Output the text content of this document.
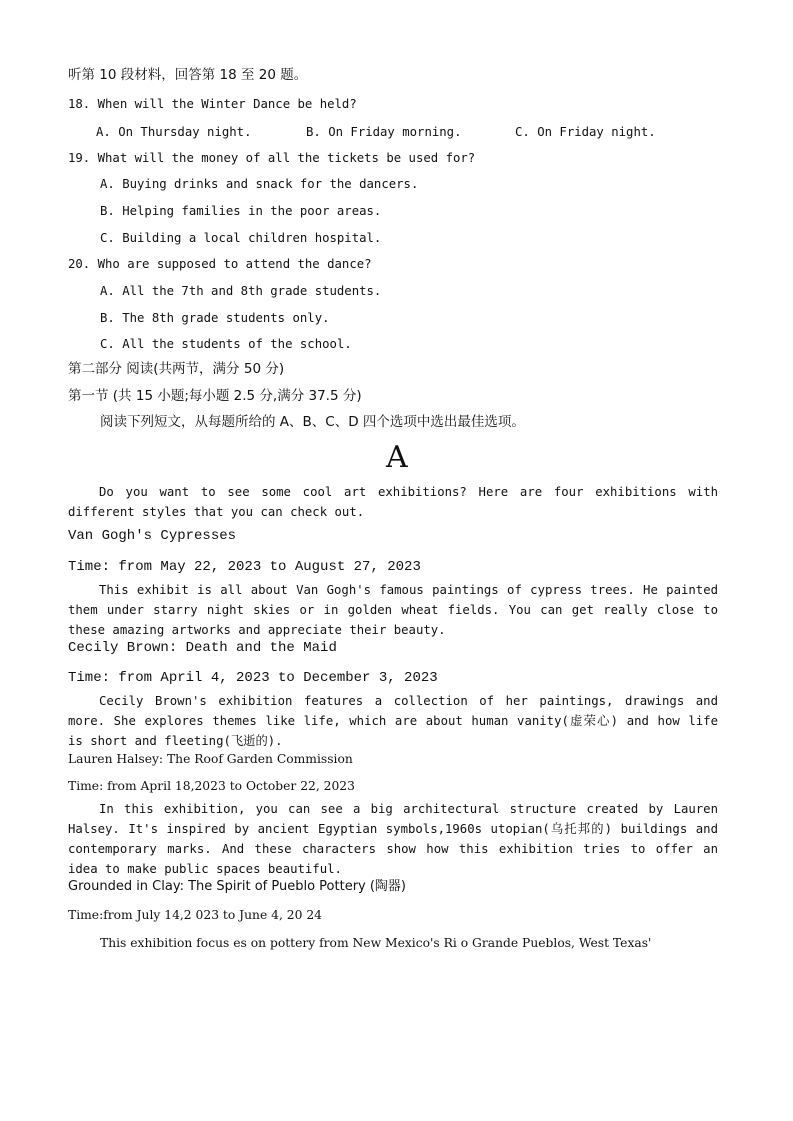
听第 10 段材料，回答第 18 至 20 题。
18. When will the Winter Dance be held?
A. On Thursday night.	B. On Friday morning.	C. On Friday night.
19. What will the money of all the tickets be used for?
A. Buying drinks and snack for the dancers.
B. Helping families in the poor areas.
C. Building a local children hospital.
20. Who are supposed to attend the dance?
A. All the 7th and 8th grade students.
B. The 8th grade students only.
C. All the students of the school.
第二部分 阅读(共两节，满分 50 分)
第一节 (共 15 小题;每小题 2.5 分,满分 37.5 分)
阅读下列短文，从每题所给的 A、B、C、D 四个选项中选出最佳选项。
A
Do you want to see some cool art exhibitions? Here are four exhibitions with different styles that you can check out.
Van Gogh's Cypresses
Time: from May 22, 2023 to August 27, 2023
This exhibit is all about Van Gogh's famous paintings of cypress trees. He painted them under starry night skies or in golden wheat fields. You can get really close to these amazing artworks and appreciate their beauty.
Cecily Brown: Death and the Maid
Time: from April 4, 2023 to December 3, 2023
Cecily Brown's exhibition features a collection of her paintings, drawings and more. She explores themes like life, which are about human vanity(虚荣心) and how life is short and fleeting(飞逝的).
Lauren Halsey: The Roof Garden Commission
Time: from April 18,2023 to October 22, 2023
In this exhibition, you can see a big architectural structure created by Lauren Halsey. It's inspired by ancient Egyptian symbols,1960s utopian(乌托邦的) buildings and contemporary marks. And these characters show how this exhibition tries to offer an idea to make public spaces beautiful.
Grounded in Clay: The Spirit of Pueblo Pottery (陶器)
Time:from July 14,2 023 to June 4, 20 24
This exhibition focus es on pottery from New Mexico's Ri o Grande Pueblos, West Texas'
